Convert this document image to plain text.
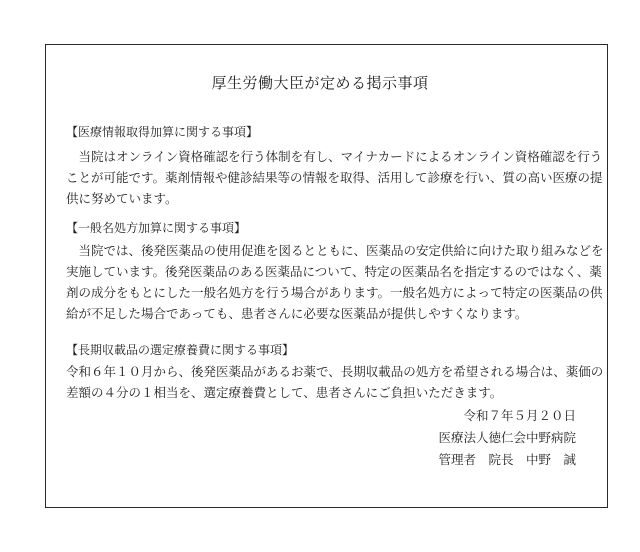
厚生労働大臣が定める掲示事項

【医療情報取得加算に関する事項】

　当院はオンライン資格確認を行う体制を有し、マイナカードによるオンライン資格確認を行う
ことが可能です。薬剤情報や健診結果等の情報を取得、活用して診療を行い、質の高い医療の提
供に努めています。

【一般名処方加算に関する事項】

　当院では、後発医薬品の使用促進を図るとともに、医薬品の安定供給に向けた取り組みなどを
実施しています。後発医薬品のある医薬品について、特定の医薬品名を指定するのではなく、薬
剤の成分をもとにした一般名処方を行う場合があります。一般名処方によって特定の医薬品の供
給が不足した場合であっても、患者さんに必要な医薬品が提供しやすくなります。

【長期収載品の選定療養費に関する事項】

令和６年１０月から、後発医薬品があるお薬で、長期収載品の処方を希望される場合は、薬価の
差額の４分の１相当を、選定療養費として、患者さんにご負担いただきます。

令和７年５月２０日
医療法人徳仁会中野病院
管理者　院長　中野　誠
